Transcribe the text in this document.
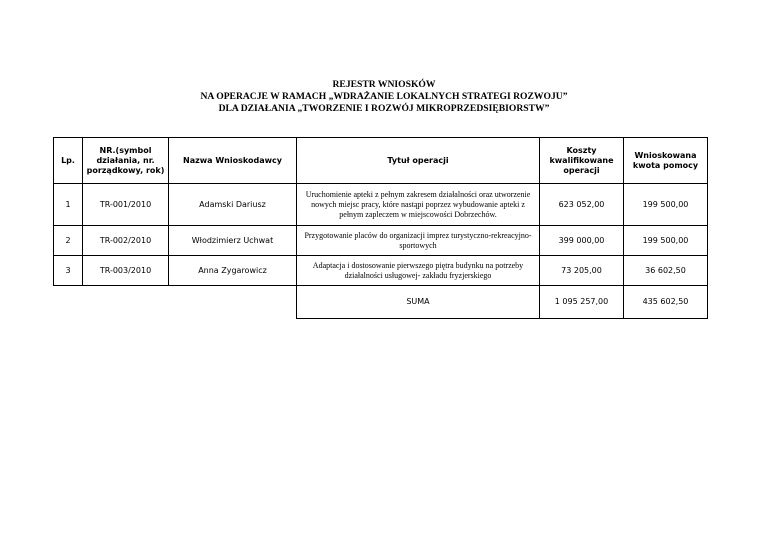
REJESTR WNIOSKÓW
NA OPERACJE W RAMACH „WDRAŻANIE LOKALNYCH STRATEGI ROZWOJU”
DLA DZIAŁANIA „TWORZENIE I ROZWÓJ MIKROPRZEDSIĘBIORSTW”
Lp.	NR.(symbol działania, nr. porządkowy, rok)	Nazwa Wnioskodawcy	Tytuł operacji	Koszty kwalifikowane operacji	Wnioskowana kwota pomocy
1	TR-001/2010	Adamski Dariusz	Uruchomienie apteki z pełnym zakresem działalności oraz utworzenie nowych miejsc pracy, które nastąpi poprzez wybudowanie apteki z pełnym zapleczem w miejscowości Dobrzechów.	623 052,00	199 500,00
2	TR-002/2010	Włodzimierz Uchwat	Przygotowanie placów do organizacji imprez turystyczno-rekreacyjno-sportowych	399 000,00	199 500,00
3	TR-003/2010	Anna Zygarowicz	Adaptacja i dostosowanie pierwszego piętra budynku na potrzeby działalności usługowej- zakładu fryzjerskiego	73 205,00	36 602,50
			SUMA	1 095 257,00	435 602,50
